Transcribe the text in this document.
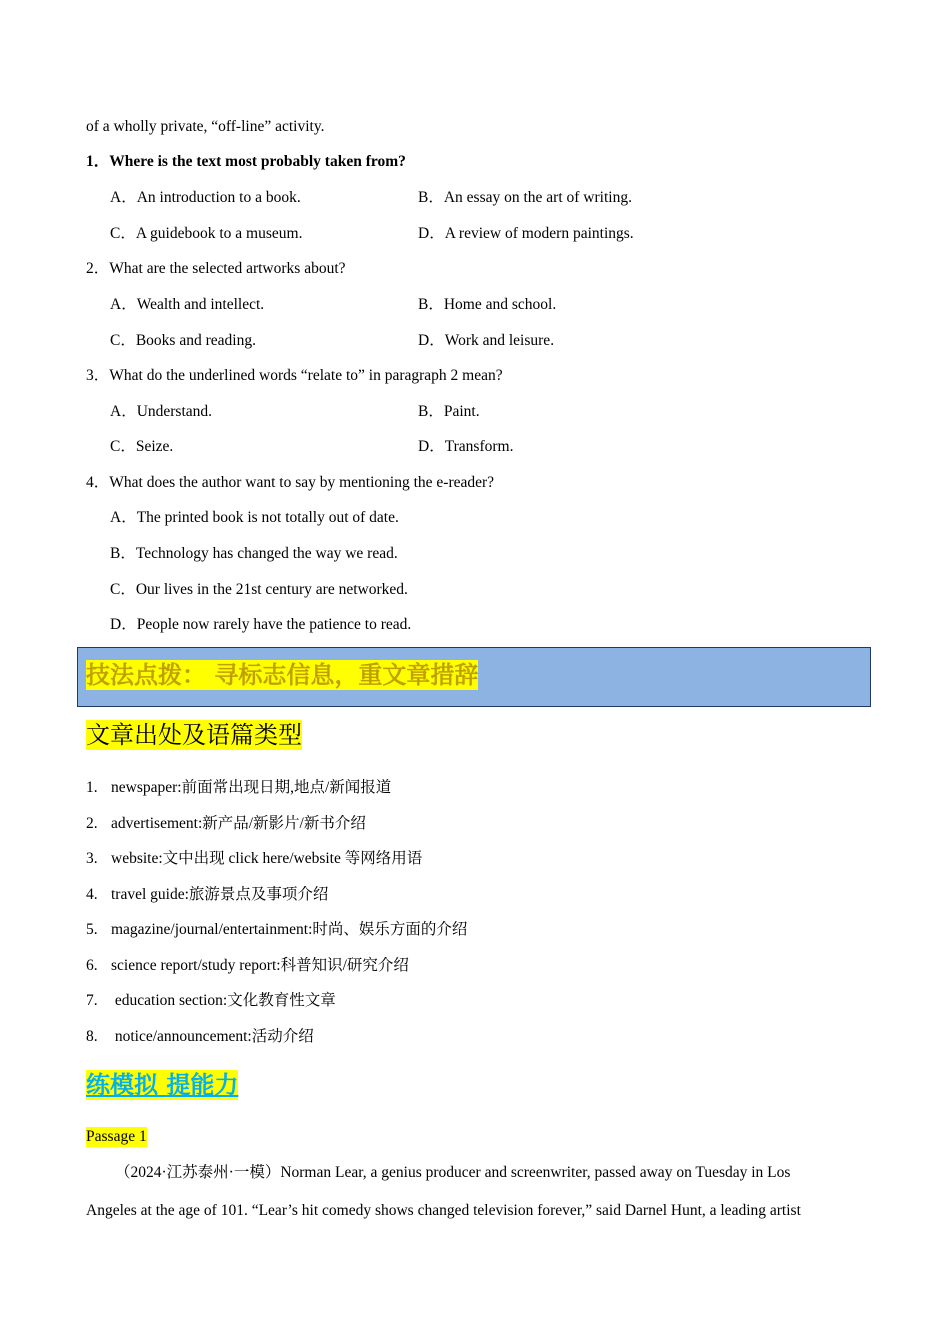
of a wholly private, “off-line” activity.
1．Where is the text most probably taken from?
A．An introduction to a book.	B．An essay on the art of writing.
C．A guidebook to a museum.	D．A review of modern paintings.
2．What are the selected artworks about?
A．Wealth and intellect.	B．Home and school.
C．Books and reading.	D．Work and leisure.
3．What do the underlined words “relate to” in paragraph 2 mean?
A．Understand.	B．Paint.
C．Seize.	D．Transform.
4．What does the author want to say by mentioning the e-reader?
A．The printed book is not totally out of date.
B．Technology has changed the way we read.
C．Our lives in the 21st century are networked.
D．People now rarely have the patience to read.
技法点拨： 寻标志信息，重文章措辞
文章出处及语篇类型
1. newspaper:前面常出现日期,地点/新闻报道
2. advertisement:新产品/新影片/新书介绍
3. website:文中出现 click here/website 等网络用语
4. travel guide:旅游景点及事项介绍
5. magazine/journal/entertainment:时尚、娱乐方面的介绍
6. science report/study report:科普知识/研究介绍
7. education section:文化教育性文章
8. notice/announcement:活动介绍
练模拟 提能力
Passage 1
（2024·江苏泰州·一模）Norman Lear, a genius producer and screenwriter, passed away on Tuesday in Los
Angeles at the age of 101. “Lear’s hit comedy shows changed television forever,” said Darnel Hunt, a leading artist
